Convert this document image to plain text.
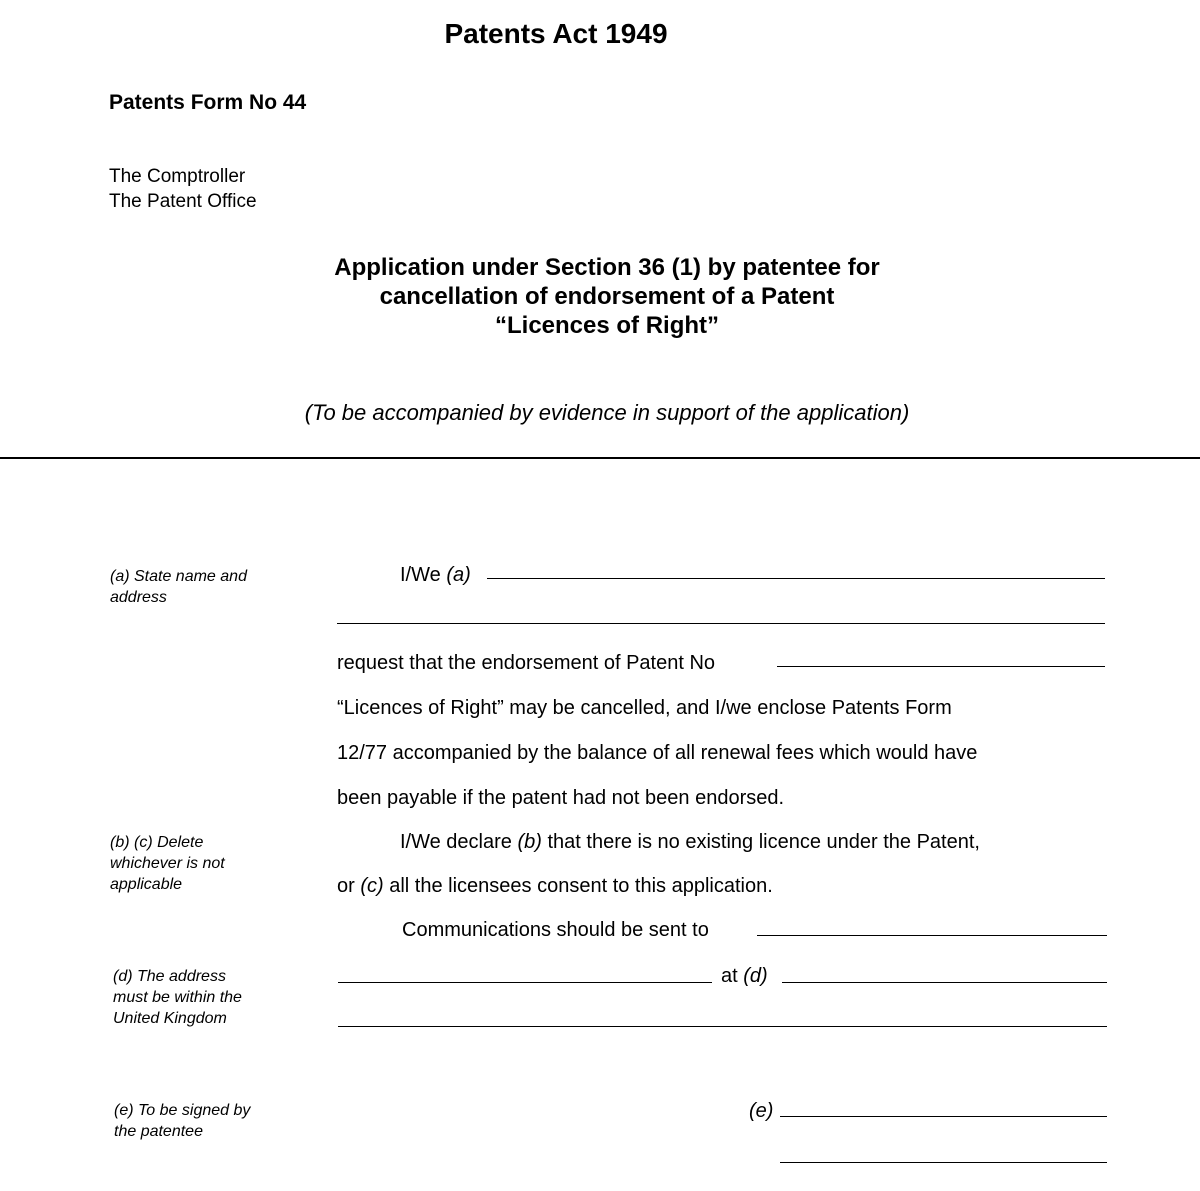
Patents Act 1949
Patents Form No 44
The Comptroller
The Patent Office
Application under Section 36 (1) by patentee for
cancellation of endorsement of a Patent
“Licences of Right”
(To be accompanied by evidence in support of the application)
(a) State name and
address
(b) (c) Delete
whichever is not
applicable
(d) The address
must be within the
United Kingdom
(e) To be signed by
the patentee
I/We (a)
request that the endorsement of Patent No
“Licences of Right” may be cancelled, and I/we enclose Patents Form
12/77 accompanied by the balance of all renewal fees which would have
been payable if the patent had not been endorsed.
I/We declare (b) that there is no existing licence under the Patent,
or (c) all the licensees consent to this application.
Communications should be sent to
at (d)
(e)
